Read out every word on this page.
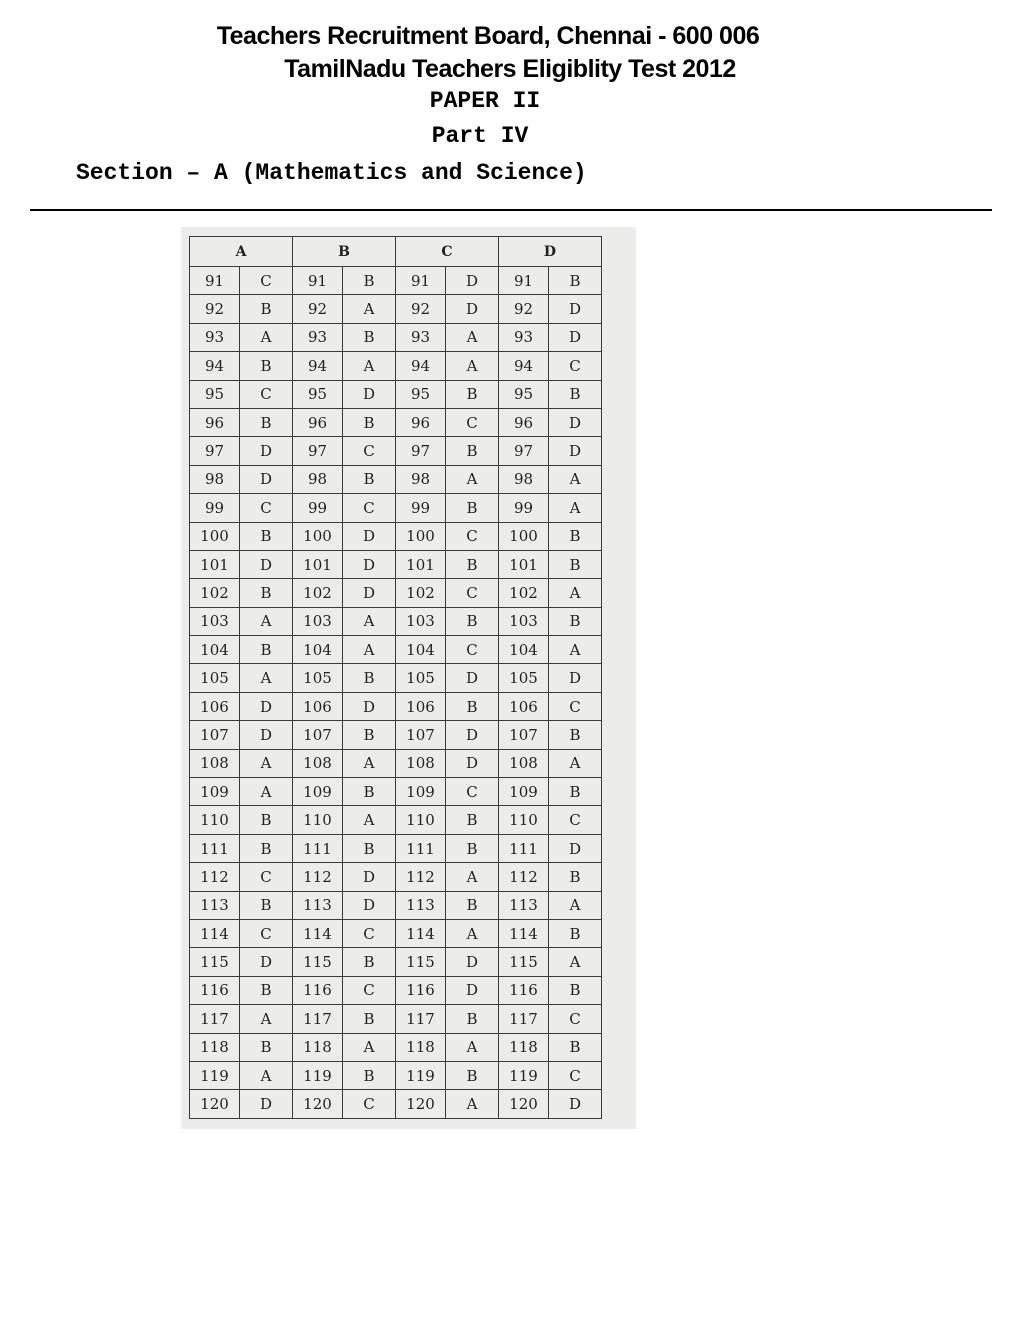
Teachers Recruitment Board, Chennai - 600 006
TamilNadu Teachers Eligiblity Test 2012
PAPER II
Part IV
Section – A (Mathematics and Science)
A		B		C		D	
91	C	91	B	91	D	91	B
92	B	92	A	92	D	92	D
93	A	93	B	93	A	93	D
94	B	94	A	94	A	94	C
95	C	95	D	95	B	95	B
96	B	96	B	96	C	96	D
97	D	97	C	97	B	97	D
98	D	98	B	98	A	98	A
99	C	99	C	99	B	99	A
100	B	100	D	100	C	100	B
101	D	101	D	101	B	101	B
102	B	102	D	102	C	102	A
103	A	103	A	103	B	103	B
104	B	104	A	104	C	104	A
105	A	105	B	105	D	105	D
106	D	106	D	106	B	106	C
107	D	107	B	107	D	107	B
108	A	108	A	108	D	108	A
109	A	109	B	109	C	109	B
110	B	110	A	110	B	110	C
111	B	111	B	111	B	111	D
112	C	112	D	112	A	112	B
113	B	113	D	113	B	113	A
114	C	114	C	114	A	114	B
115	D	115	B	115	D	115	A
116	B	116	C	116	D	116	B
117	A	117	B	117	B	117	C
118	B	118	A	118	A	118	B
119	A	119	B	119	B	119	C
120	D	120	C	120	A	120	D
